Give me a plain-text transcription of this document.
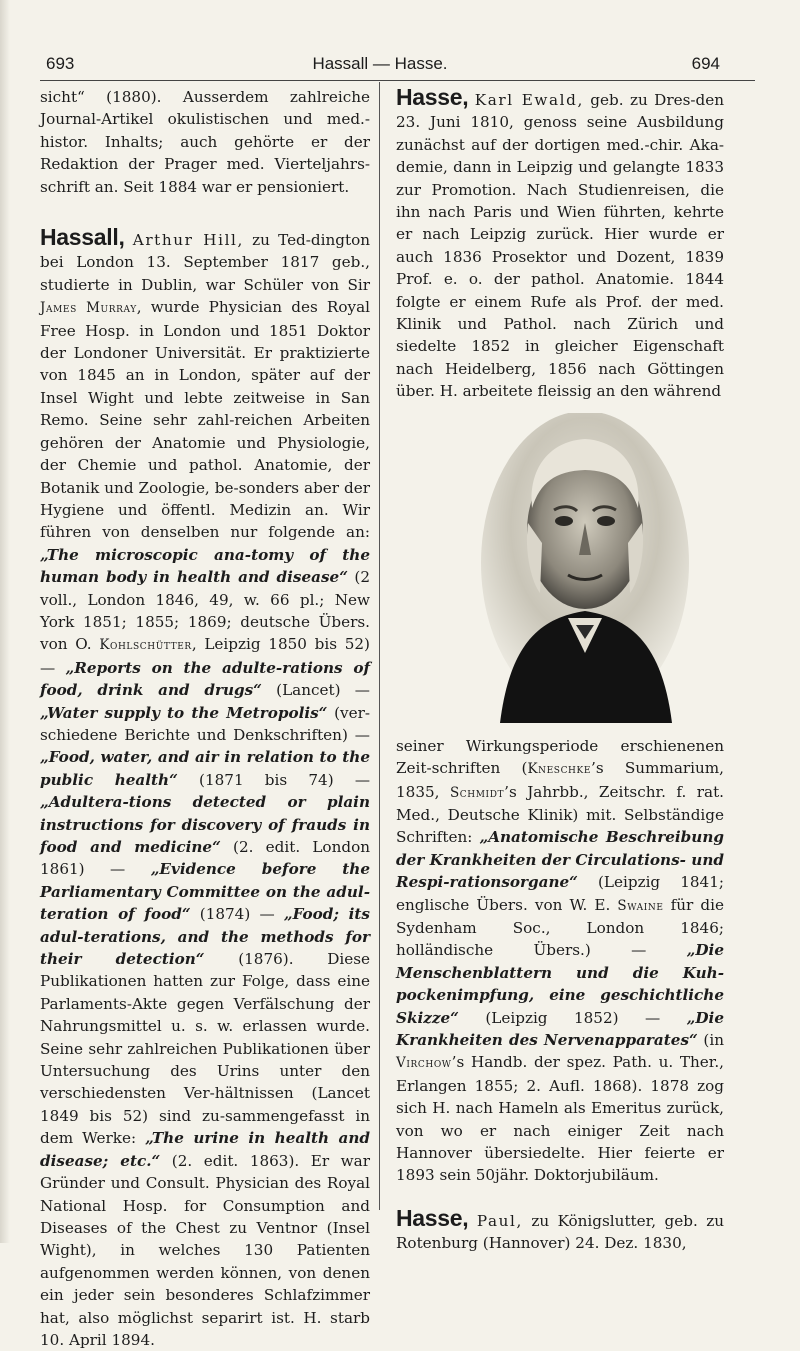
693	Hassall — Hasse.	694

sicht“ (1880). Ausserdem zahlreiche Journal-Artikel okulistischen und med.-histor. Inhalts; auch gehörte er der Redaktion der Prager med. Vierteljahrs-schrift an. Seit 1884 war er pensioniert.

Hassall, Arthur Hill, zu Ted-dington bei London 13. September 1817 geb., studierte in Dublin, war Schüler von Sir James Murray, wurde Physician des Royal Free Hosp. in London und 1851 Doktor der Londoner Universität. Er praktizierte von 1845 an in London, später auf der Insel Wight und lebte zeitweise in San Remo. Seine sehr zahl-reichen Arbeiten gehören der Anatomie und Physiologie, der Chemie und pathol. Anatomie, der Botanik und Zoologie, be-sonders aber der Hygiene und öffentl. Medizin an. Wir führen von denselben nur folgende an: „The microscopic ana-tomy of the human body in health and disease“ (2 voll., London 1846, 49, w. 66 pl.; New York 1851; 1855; 1869; deutsche Übers. von O. Kohlschütter, Leipzig 1850 bis 52) — „Reports on the adulte-rations of food, drink and drugs“ (Lancet) — „Water supply to the Metropolis“ (ver-schiedene Berichte und Denkschriften) — „Food, water, and air in relation to the public health“ (1871 bis 74) — „Adultera-tions detected or plain instructions for discovery of frauds in food and medicine“ (2. edit. London 1861) — „Evidence before the Parliamentary Committee on the adul-teration of food“ (1874) — „Food; its adul-terations, and the methods for their detection“ (1876). Diese Publikationen hatten zur Folge, dass eine Parlaments-Akte gegen Verfälschung der Nahrungsmittel u. s. w. erlassen wurde. Seine sehr zahlreichen Publikationen über Untersuchung des Urins unter den verschiedensten Ver-hältnissen (Lancet 1849 bis 52) sind zu-sammengefasst in dem Werke: „The urine in health and disease; etc.“ (2. edit. 1863). Er war Gründer und Consult. Physician des Royal National Hosp. for Consumption and Diseases of the Chest zu Ventnor (Insel Wight), in welches 130 Patienten aufgenommen werden können, von denen ein jeder sein besonderes Schlafzimmer hat, also möglichst separirt ist. H. starb 10. April 1894.

Hasse, Karl Ewald, geb. zu Dres-den 23. Juni 1810, genoss seine Ausbildung zunächst auf der dortigen med.-chir. Aka-demie, dann in Leipzig und gelangte 1833 zur Promotion. Nach Studienreisen, die ihn nach Paris und Wien führten, kehrte er nach Leipzig zurück. Hier wurde er auch 1836 Prosektor und Dozent, 1839 Prof. e. o. der pathol. Anatomie. 1844 folgte er einem Rufe als Prof. der med. Klinik und Pathol. nach Zürich und siedelte 1852 in gleicher Eigenschaft nach Heidelberg, 1856 nach Göttingen über. H. arbeitete fleissig an den während

seiner Wirkungsperiode erschienenen Zeit-schriften (Kneschke’s Summarium, 1835, Schmidt’s Jahrbb., Zeitschr. f. rat. Med., Deutsche Klinik) mit. Selbständige Schriften: „Anatomische Beschreibung der Krankheiten der Circulations- und Respi-rationsorgane“ (Leipzig 1841; englische Übers. von W. E. Swaine für die Sydenham Soc., London 1846; holländische Übers.) — „Die Menschenblattern und die Kuh-pockenimpfung, eine geschichtliche Skizze“ (Leipzig 1852) — „Die Krankheiten des Nervenapparates“ (in Virchow’s Handb. der spez. Path. u. Ther., Erlangen 1855; 2. Aufl. 1868). 1878 zog sich H. nach Hameln als Emeritus zurück, von wo er nach einiger Zeit nach Hannover übersiedelte. Hier feierte er 1893 sein 50jähr. Doktorjubiläum.

Hasse, Paul, zu Königslutter, geb. zu Rotenburg (Hannover) 24. Dez. 1830,
